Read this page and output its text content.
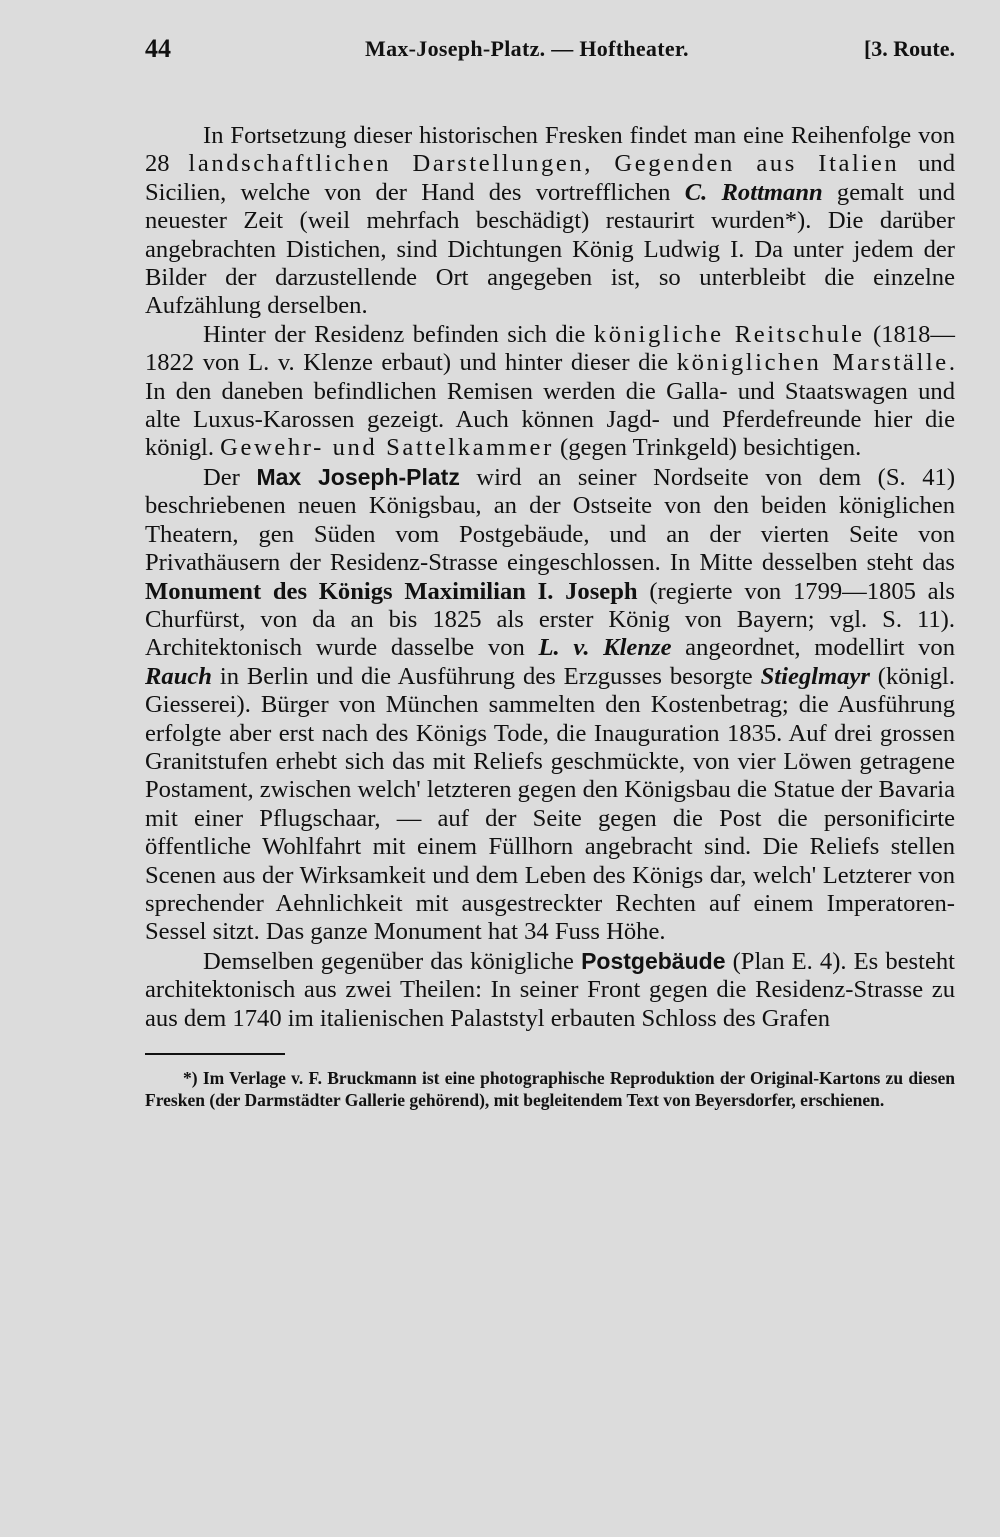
44	Max-Joseph-Platz. — Hoftheater.	[3. Route.

In Fortsetzung dieser historischen Fresken findet man eine Reihenfolge von 28 landschaftlichen Darstellungen, Gegenden aus Italien und Sicilien, welche von der Hand des vortrefflichen C. Rottmann gemalt und neuester Zeit (weil mehrfach beschädigt) restaurirt wurden*). Die darüber angebrachten Distichen, sind Dichtungen König Ludwig I. Da unter jedem der Bilder der darzustellende Ort angegeben ist, so unterbleibt die einzelne Aufzählung derselben.

Hinter der Residenz befinden sich die königliche Reitschule (1818—1822 von L. v. Klenze erbaut) und hinter dieser die königlichen Marställe. In den daneben befindlichen Remisen werden die Galla- und Staatswagen und alte Luxus-Karossen gezeigt. Auch können Jagd- und Pferdefreunde hier die königl. Gewehr- und Sattelkammer (gegen Trinkgeld) besichtigen.

Der Max Joseph-Platz wird an seiner Nordseite von dem (S. 41) beschriebenen neuen Königsbau, an der Ostseite von den beiden königlichen Theatern, gen Süden vom Postgebäude, und an der vierten Seite von Privathäusern der Residenz-Strasse eingeschlossen. In Mitte desselben steht das Monument des Königs Maximilian I. Joseph (regierte von 1799—1805 als Churfürst, von da an bis 1825 als erster König von Bayern; vgl. S. 11). Architektonisch wurde dasselbe von L. v. Klenze angeordnet, modellirt von Rauch in Berlin und die Ausführung des Erzgusses besorgte Stieglmayr (königl. Giesserei). Bürger von München sammelten den Kostenbetrag; die Ausführung erfolgte aber erst nach des Königs Tode, die Inauguration 1835. Auf drei grossen Granitstufen erhebt sich das mit Reliefs geschmückte, von vier Löwen getragene Postament, zwischen welch' letzteren gegen den Königsbau die Statue der Bavaria mit einer Pflugschaar, — auf der Seite gegen die Post die personificirte öffentliche Wohlfahrt mit einem Füllhorn angebracht sind. Die Reliefs stellen Scenen aus der Wirksamkeit und dem Leben des Königs dar, welch' Letzterer von sprechender Aehnlichkeit mit ausgestreckter Rechten auf einem Imperatoren-Sessel sitzt. Das ganze Monument hat 34 Fuss Höhe.

Demselben gegenüber das königliche Postgebäude (Plan E. 4). Es besteht architektonisch aus zwei Theilen: In seiner Front gegen die Residenz-Strasse zu aus dem 1740 im italienischen Palaststyl erbauten Schloss des Grafen

*) Im Verlage v. F. Bruckmann ist eine photographische Reproduktion der Original-Kartons zu diesen Fresken (der Darmstädter Gallerie gehörend), mit begleitendem Text von Beyersdorfer, erschienen.
